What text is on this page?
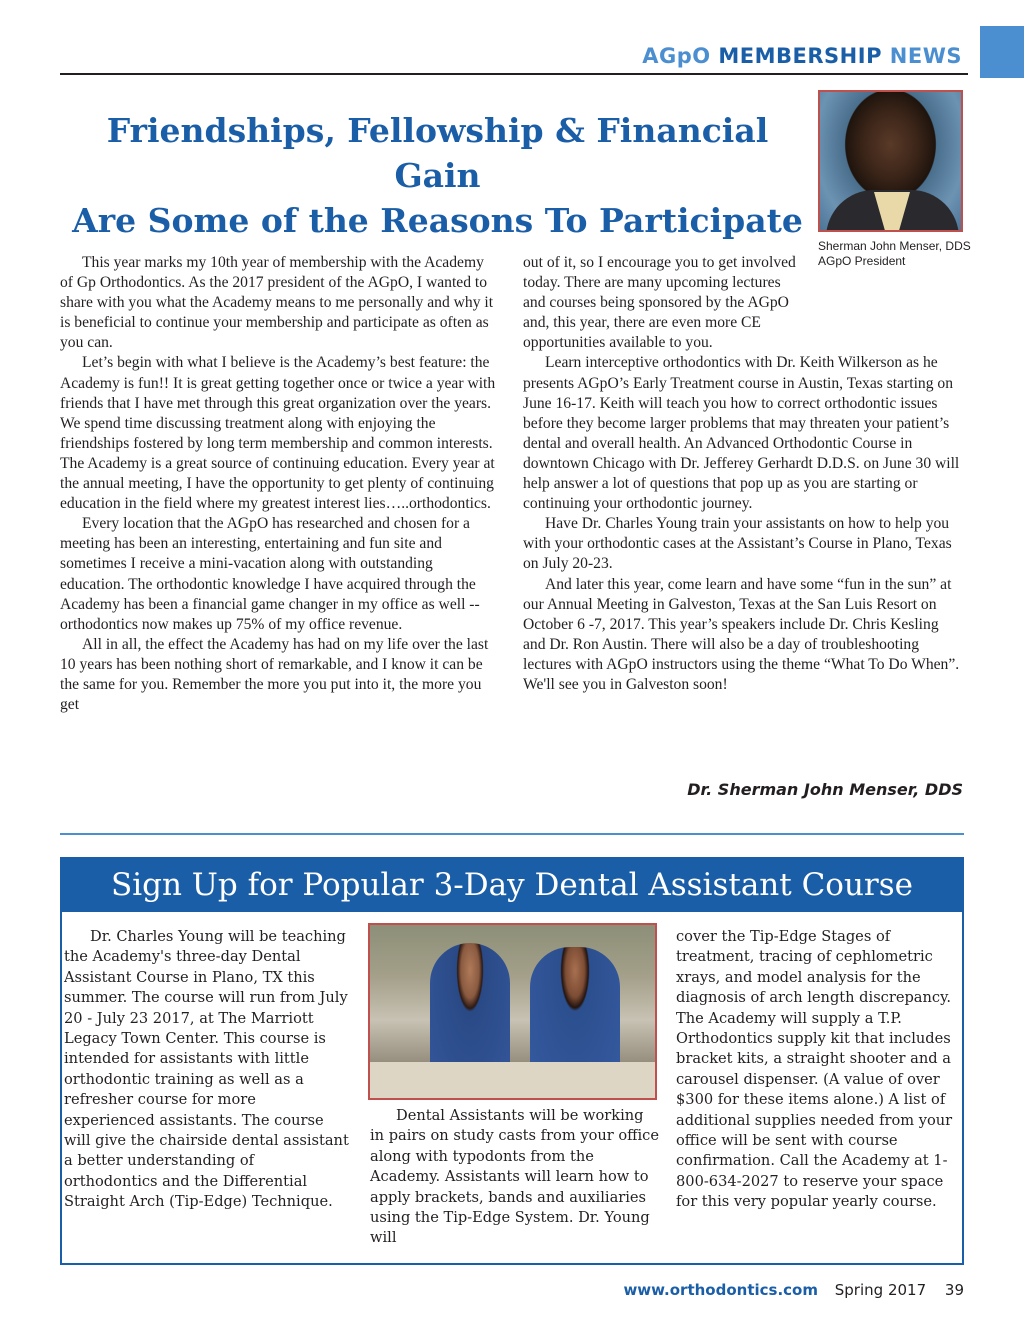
AGpO MEMBERSHIP NEWS
Friendships, Fellowship & Financial Gain
Are Some of the Reasons To Participate
Sherman John Menser, DDS
AGpO President

This year marks my 10th year of membership with the Academy of Gp Orthodontics. As the 2017 president of the AGpO, I wanted to share with you what the Academy means to me personally and why it is beneficial to continue your membership and participate as often as you can.

Let’s begin with what I believe is the Academy’s best feature: the Academy is fun!! It is great getting together once or twice a year with friends that I have met through this great organization over the years. We spend time discussing treatment along with enjoying the friendships fostered by long term membership and common interests. The Academy is a great source of continuing education. Every year at the annual meeting, I have the opportunity to get plenty of continuing education in the field where my greatest interest lies…..orthodontics.

Every location that the AGpO has researched and chosen for a meeting has been an interesting, entertaining and fun site and sometimes I receive a mini-vacation along with outstanding education. The orthodontic knowledge I have acquired through the Academy has been a financial game changer in my office as well -- orthodontics now makes up 75% of my office revenue.

All in all, the effect the Academy has had on my life over the last 10 years has been nothing short of remarkable, and I know it can be the same for you. Remember the more you put into it, the more you get

out of it, so I encourage you to get involved today. There are many upcoming lectures and courses being sponsored by the AGpO and, this year, there are even more CE opportunities available to you.

Learn interceptive orthodontics with Dr. Keith Wilkerson as he presents AGpO’s Early Treatment course in Austin, Texas starting on June 16-17. Keith will teach you how to correct orthodontic issues before they become larger problems that may threaten your patient’s dental and overall health. An Advanced Orthodontic Course in downtown Chicago with Dr. Jefferey Gerhardt D.D.S. on June 30 will help answer a lot of questions that pop up as you are starting or continuing your orthodontic journey.

Have Dr. Charles Young train your assistants on how to help you with your orthodontic cases at the Assistant’s Course in Plano, Texas on July 20-23.

And later this year, come learn and have some “fun in the sun” at our Annual Meeting in Galveston, Texas at the San Luis Resort on October 6 -7, 2017. This year’s speakers include Dr. Chris Kesling and Dr. Ron Austin. There will also be a day of troubleshooting lectures with AGpO instructors using the theme “What To Do When”. We'll see you in Galveston soon!

Dr. Sherman John Menser, DDS
Sign Up for Popular 3-Day Dental Assistant Course
Dr. Charles Young will be teaching the Academy's three-day Dental Assistant Course in Plano, TX this summer. The course will run from July 20 - July 23 2017, at The Marriott Legacy Town Center. This course is intended for assistants with little orthodontic training as well as a refresher course for more experienced assistants. The course will give the chairside dental assistant a better understanding of orthodontics and the Differential Straight Arch (Tip-Edge) Technique.
Dental Assistants will be working in pairs on study casts from your office along with typodonts from the Academy. Assistants will learn how to apply brackets, bands and auxiliaries using the Tip-Edge System. Dr. Young will
cover the Tip-Edge Stages of treatment, tracing of cephlometric xrays, and model analysis for the diagnosis of arch length discrepancy. The Academy will supply a T.P. Orthodontics supply kit that includes bracket kits, a straight shooter and a carousel dispenser. (A value of over $300 for these items alone.) A list of additional supplies needed from your office will be sent with course confirmation. Call the Academy at 1-800-634-2027 to reserve your space for this very popular yearly course.
www.orthodontics.com Spring 2017 39
